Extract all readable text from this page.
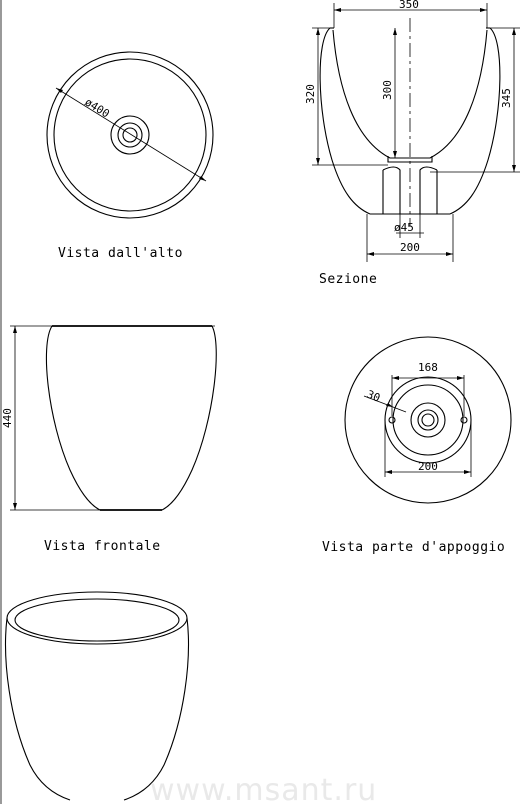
ø400
Vista dall'alto
350
320	300	345
ø45
200
Sezione
440
Vista frontale
168
30
200
Vista parte d'appoggio
www.msant.ru
